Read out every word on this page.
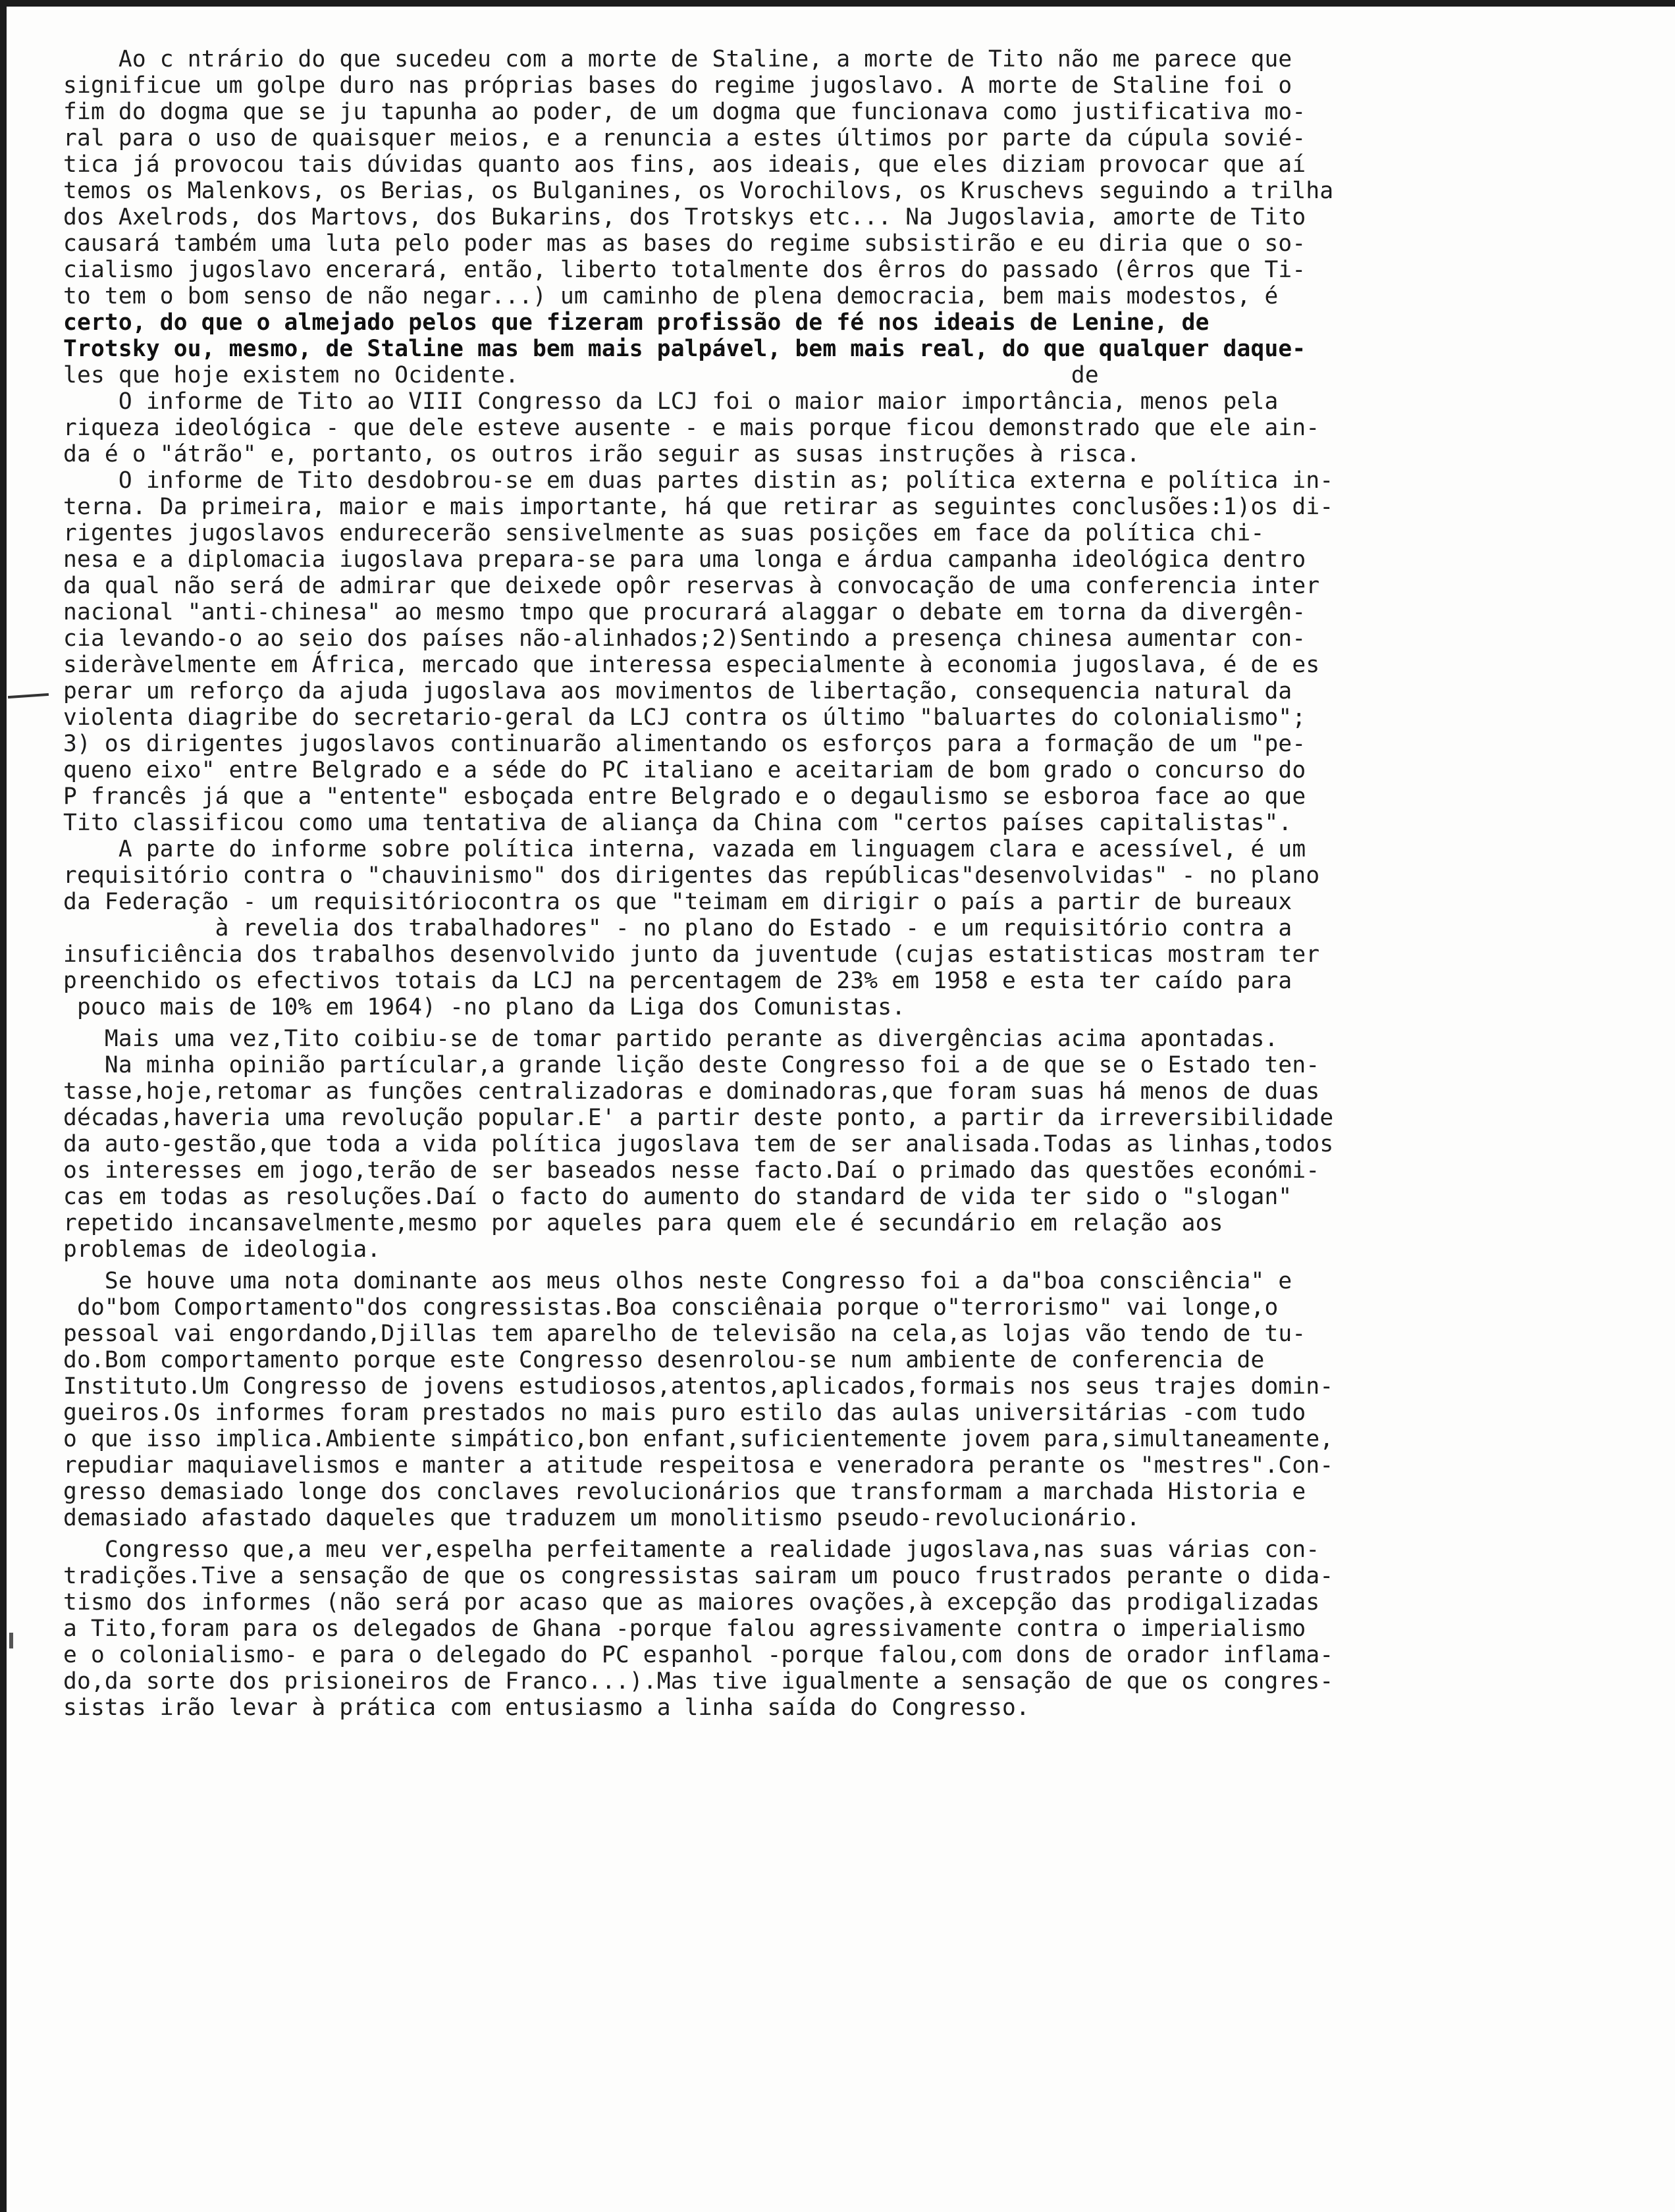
Ao c ntrário do que sucedeu com a morte de Staline, a morte de Tito não me parece que
significue um golpe duro nas próprias bases do regime jugoslavo. A morte de Staline foi o
fim do dogma que se ju tapunha ao poder, de um dogma que funcionava como justificativa mo-
ral para o uso de quaisquer meios, e a renuncia a estes últimos por parte da cúpula sovié-
tica já provocou tais dúvidas quanto aos fins, aos ideais, que eles diziam provocar que aí
temos os Malenkovs, os Berias, os Bulganines, os Vorochilovs, os Kruschevs seguindo a trilha
dos Axelrods, dos Martovs, dos Bukarins, dos Trotskys etc... Na Jugoslavia, amorte de Tito
causará também uma luta pelo poder mas as bases do regime subsistirão e eu diria que o so-
cialismo jugoslavo encerará, então, liberto totalmente dos êrros do passado (êrros que Ti-
to tem o bom senso de não negar...) um caminho de plena democracia, bem mais modestos, é
certo, do que o almejado pelos que fizeram profissão de fé nos ideais de Lenine, de
Trotsky ou, mesmo, de Staline mas bem mais palpável, bem mais real, do que qualquer daque-
les que hoje existem no Ocidente.                                        de
O informe de Tito ao VIII Congresso da LCJ foi o maior maior importância, menos pela
riqueza ideológica - que dele esteve ausente - e mais porque ficou demonstrado que ele ain-
da é o "átrão" e, portanto, os outros irão seguir as susas instruções à risca.
O informe de Tito desdobrou-se em duas partes distin as; política externa e política in-
terna. Da primeira, maior e mais importante, há que retirar as seguintes conclusões:1)os di-
rigentes jugoslavos endurecerão sensivelmente as suas posições em face da política chi-
nesa e a diplomacia iugoslava prepara-se para uma longa e árdua campanha ideológica dentro
da qual não será de admirar que deixede opôr reservas à convocação de uma conferencia inter
nacional "anti-chinesa" ao mesmo tmpo que procurará alaggar o debate em torna da divergên-
cia levando-o ao seio dos países não-alinhados;2)Sentindo a presença chinesa aumentar con-
sideràvelmente em África, mercado que interessa especialmente à economia jugoslava, é de es
perar um reforço da ajuda jugoslava aos movimentos de libertação, consequencia natural da
violenta diagribe do secretario-geral da LCJ contra os último "baluartes do colonialismo";
3) os dirigentes jugoslavos continuarão alimentando os esforços para a formação de um "pe-
queno eixo" entre Belgrado e a séde do PC italiano e aceitariam de bom grado o concurso do
P francês já que a "entente" esboçada entre Belgrado e o degaulismo se esboroa face ao que
Tito classificou como uma tentativa de aliança da China com "certos países capitalistas".
A parte do informe sobre política interna, vazada em linguagem clara e acessível, é um
requisitório contra o "chauvinismo" dos dirigentes das repúblicas"desenvolvidas" - no plano
da Federação - um requisitóriocontra os que "teimam em dirigir o país a partir de bureaux
à revelia dos trabalhadores" - no plano do Estado - e um requisitório contra a
insuficiência dos trabalhos desenvolvido junto da juventude (cujas estatisticas mostram ter
preenchido os efectivos totais da LCJ na percentagem de 23% em 1958 e esta ter caído para
pouco mais de 10% em 1964) -no plano da Liga dos Comunistas.
Mais uma vez,Tito coibiu-se de tomar partido perante as divergências acima apontadas.
Na minha opinião partícular,a grande lição deste Congresso foi a de que se o Estado ten-
tasse,hoje,retomar as funções centralizadoras e dominadoras,que foram suas há menos de duas
décadas,haveria uma revolução popular.E' a partir deste ponto, a partir da irreversibilidade
da auto-gestão,que toda a vida política jugoslava tem de ser analisada.Todas as linhas,todos
os interesses em jogo,terão de ser baseados nesse facto.Daí o primado das questões económi-
cas em todas as resoluções.Daí o facto do aumento do standard de vida ter sido o "slogan"
repetido incansavelmente,mesmo por aqueles para quem ele é secundário em relação aos
problemas de ideologia.
Se houve uma nota dominante aos meus olhos neste Congresso foi a da"boa consciência" e
do"bom Comportamento"dos congressistas.Boa consciênaia porque o"terrorismo" vai longe,o
pessoal vai engordando,Djillas tem aparelho de televisão na cela,as lojas vão tendo de tu-
do.Bom comportamento porque este Congresso desenrolou-se num ambiente de conferencia de
Instituto.Um Congresso de jovens estudiosos,atentos,aplicados,formais nos seus trajes domin-
gueiros.Os informes foram prestados no mais puro estilo das aulas universitárias -com tudo
o que isso implica.Ambiente simpático,bon enfant,suficientemente jovem para,simultaneamente,
repudiar maquiavelismos e manter a atitude respeitosa e veneradora perante os "mestres".Con-
gresso demasiado longe dos conclaves revolucionários que transformam a marchada Historia e
demasiado afastado daqueles que traduzem um monolitismo pseudo-revolucionário.
Congresso que,a meu ver,espelha perfeitamente a realidade jugoslava,nas suas várias con-
tradições.Tive a sensação de que os congressistas sairam um pouco frustrados perante o dida-
tismo dos informes (não será por acaso que as maiores ovações,à excepção das prodigalizadas
a Tito,foram para os delegados de Ghana -porque falou agressivamente contra o imperialismo
e o colonialismo- e para o delegado do PC espanhol -porque falou,com dons de orador inflama-
do,da sorte dos prisioneiros de Franco...).Mas tive igualmente a sensação de que os congres-
sistas irão levar à prática com entusiasmo a linha saída do Congresso.
